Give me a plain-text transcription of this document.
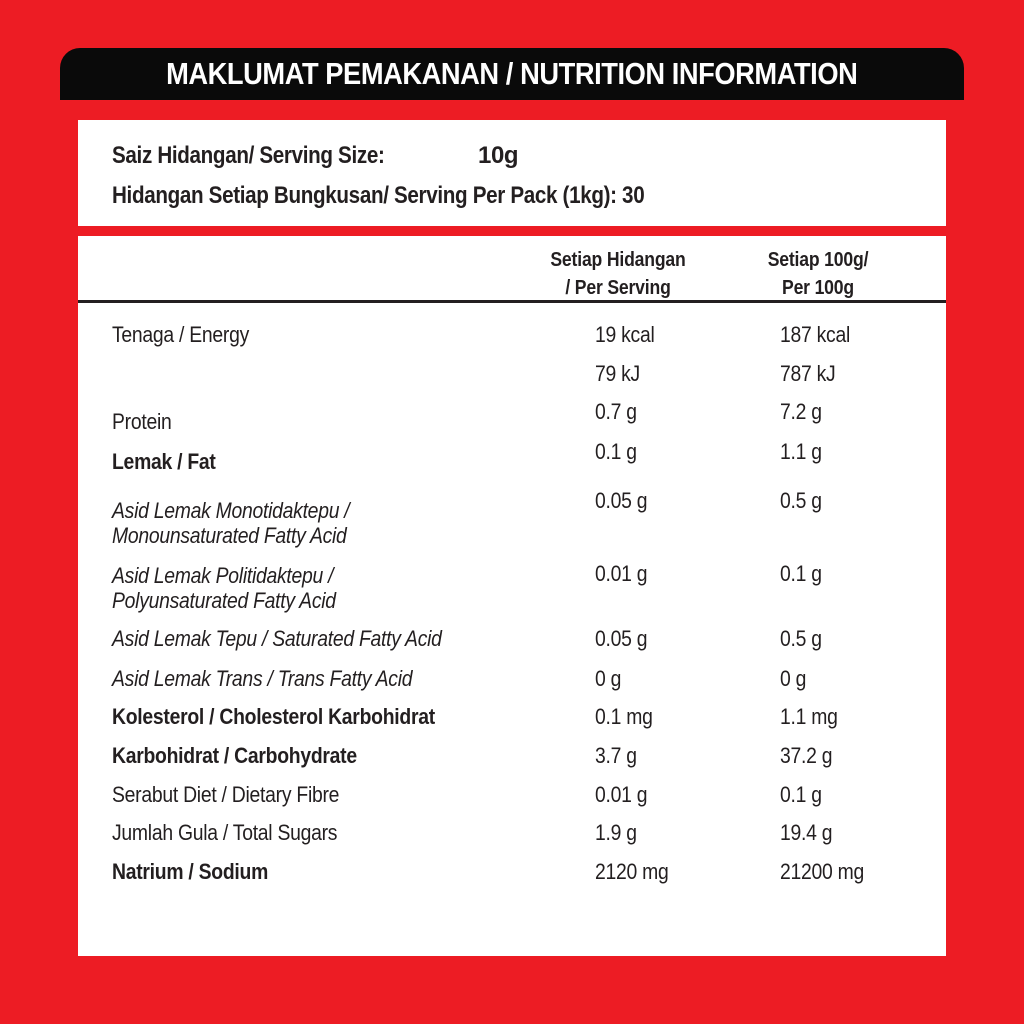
MAKLUMAT PEMAKANAN / NUTRITION INFORMATION
Saiz Hidangan/ Serving Size:	10g
Hidangan Setiap Bungkusan/ Serving Per Pack (1kg): 30
Setiap Hidangan
/ Per Serving
Setiap 100g/
Per 100g
Tenaga / Energy	19 kcal	187 kcal
79 kJ	787 kJ
Protein	0.7 g	7.2 g
Lemak / Fat	0.1 g	1.1 g
Asid Lemak Monotidaktepu /
Monounsaturated Fatty Acid
0.05 g	0.5 g
Asid Lemak Politidaktepu /
Polyunsaturated Fatty Acid
0.01 g	0.1 g
Asid Lemak Tepu / Saturated Fatty Acid	0.05 g	0.5 g
Asid Lemak Trans / Trans Fatty Acid	0 g	0 g
Kolesterol / Cholesterol Karbohidrat	0.1 mg	1.1 mg
Karbohidrat / Carbohydrate	3.7 g	37.2 g
Serabut Diet / Dietary Fibre	0.01 g	0.1 g
Jumlah Gula / Total Sugars	1.9 g	19.4 g
Natrium / Sodium	2120 mg	21200 mg
